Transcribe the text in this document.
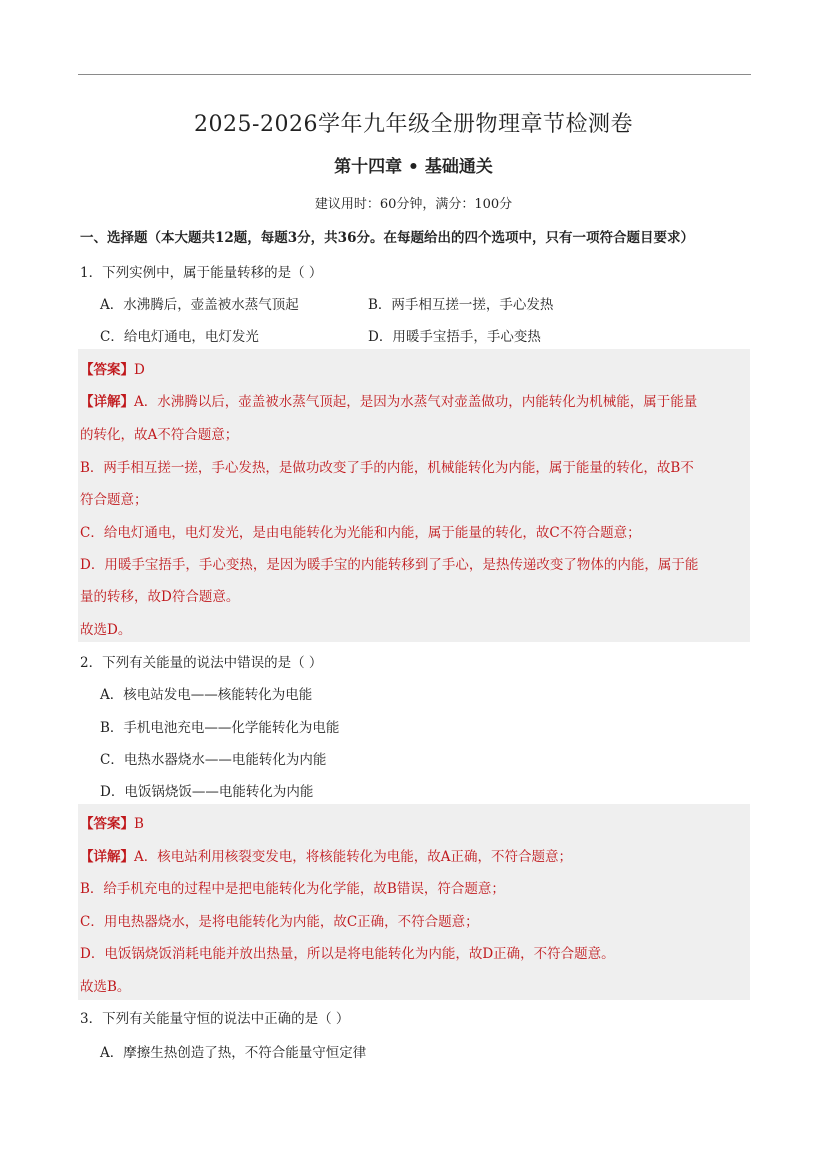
2025-2026学年九年级全册物理章节检测卷
第十四章 • 基础通关
建议用时：60分钟，满分：100分
一、选择题（本大题共12题，每题3分，共36分。在每题给出的四个选项中，只有一项符合题目要求）
1．下列实例中，属于能量转移的是（ ）
A．水沸腾后，壶盖被水蒸气顶起	B．两手相互搓一搓，手心发热
C．给电灯通电，电灯发光	D．用暖手宝捂手，手心变热
【答案】D
【详解】A．水沸腾以后，壶盖被水蒸气顶起，是因为水蒸气对壶盖做功，内能转化为机械能，属于能量
的转化，故A不符合题意；
B．两手相互搓一搓，手心发热，是做功改变了手的内能，机械能转化为内能，属于能量的转化，故B不
符合题意；
C．给电灯通电，电灯发光，是由电能转化为光能和内能，属于能量的转化，故C不符合题意；
D．用暖手宝捂手，手心变热，是因为暖手宝的内能转移到了手心，是热传递改变了物体的内能，属于能
量的转移，故D符合题意。
故选D。
2．下列有关能量的说法中错误的是（ ）
A．核电站发电——核能转化为电能
B．手机电池充电——化学能转化为电能
C．电热水器烧水——电能转化为内能
D．电饭锅烧饭——电能转化为内能
【答案】B
【详解】A．核电站利用核裂变发电，将核能转化为电能，故A正确，不符合题意；
B．给手机充电的过程中是把电能转化为化学能，故B错误，符合题意；
C．用电热器烧水，是将电能转化为内能，故C正确，不符合题意；
D．电饭锅烧饭消耗电能并放出热量，所以是将电能转化为内能，故D正确，不符合题意。
故选B。
3．下列有关能量守恒的说法中正确的是（ ）
A．摩擦生热创造了热，不符合能量守恒定律
